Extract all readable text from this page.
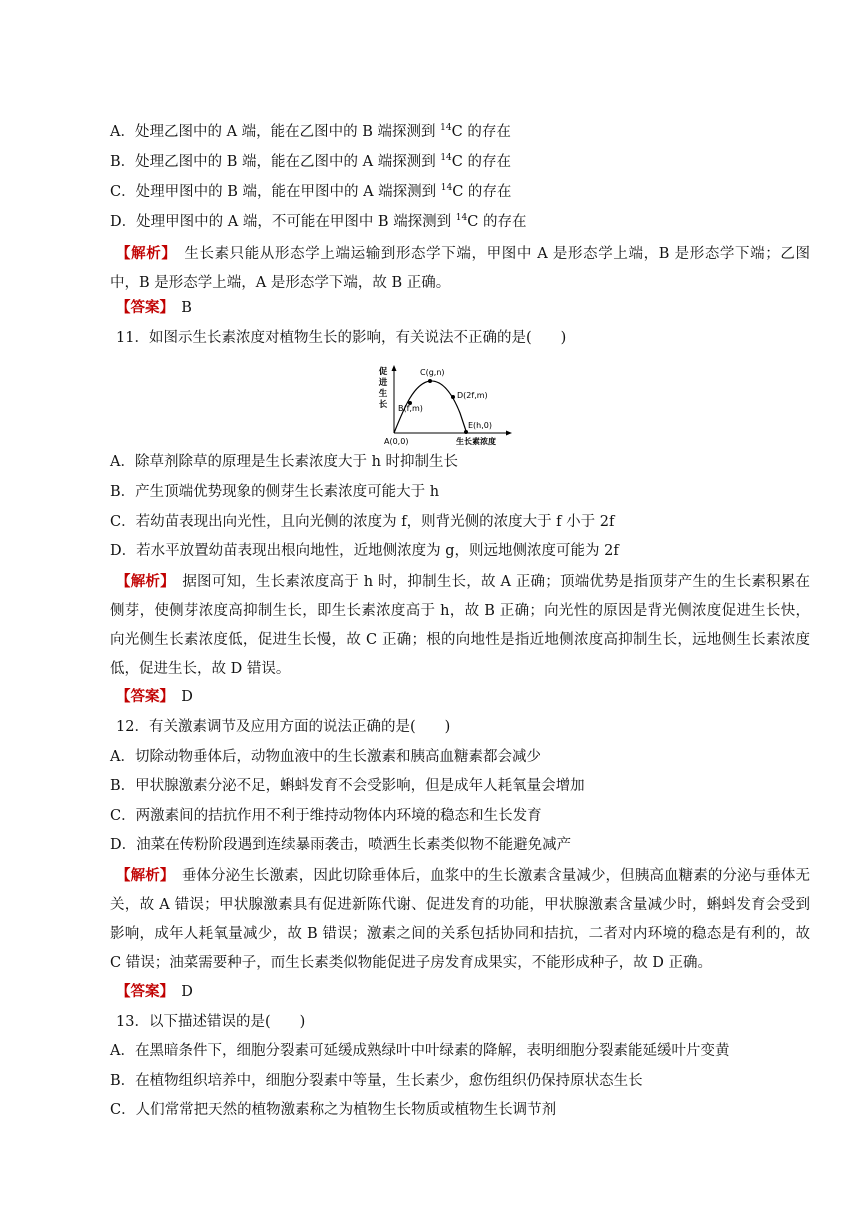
A．处理乙图中的 A 端，能在乙图中的 B 端探测到 $^{14}$C 的存在
B．处理乙图中的 B 端，能在乙图中的 A 端探测到 $^{14}$C 的存在
C．处理甲图中的 B 端，能在甲图中的 A 端探测到 $^{14}$C 的存在
D．处理甲图中的 A 端，不可能在甲图中 B 端探测到 $^{14}$C 的存在
【解析】　生长素只能从形态学上端运输到形态学下端，甲图中 A 是形态学上端，B 是形态学下端；乙图中，B 是形态学上端，A 是形态学下端，故 B 正确。
【答案】　 B
11．如图示生长素浓度对植物生长的影响，有关说法不正确的是(　　)
促
进
生
长 B(f,m)
C(g,n)
D(2f,m)
E(h,0)
A(0,0)	生长素浓度
A．除草剂除草的原理是生长素浓度大于 h 时抑制生长
B．产生顶端优势现象的侧芽生长素浓度可能大于 h
C．若幼苗表现出向光性，且向光侧的浓度为 f，则背光侧的浓度大于 f 小于 2f
D．若水平放置幼苗表现出根向地性，近地侧浓度为 g，则远地侧浓度可能为 2f
【解析】　据图可知，生长素浓度高于 h 时，抑制生长，故 A 正确；顶端优势是指顶芽产生的生长素积累在侧芽，使侧芽浓度高抑制生长，即生长素浓度高于 h，故 B 正确；向光性的原因是背光侧浓度促进生长快，向光侧生长素浓度低，促进生长慢，故 C 正确；根的向地性是指近地侧浓度高抑制生长，远地侧生长素浓度低，促进生长，故 D 错误。
【答案】　 D
12．有关激素调节及应用方面的说法正确的是(　　)
A．切除动物垂体后，动物血液中的生长激素和胰高血糖素都会减少
B．甲状腺激素分泌不足，蝌蚪发育不会受影响，但是成年人耗氧量会增加
C．两激素间的拮抗作用不利于维持动物体内环境的稳态和生长发育
D．油菜在传粉阶段遇到连续暴雨袭击，喷洒生长素类似物不能避免减产
【解析】　垂体分泌生长激素，因此切除垂体后，血浆中的生长激素含量减少，但胰高血糖素的分泌与垂体无关，故 A 错误；甲状腺激素具有促进新陈代谢、促进发育的功能，甲状腺激素含量减少时，蝌蚪发育会受到影响，成年人耗氧量减少，故 B 错误；激素之间的关系包括协同和拮抗，二者对内环境的稳态是有利的，故 C 错误；油菜需要种子，而生长素类似物能促进子房发育成果实，不能形成种子，故 D 正确。
【答案】　 D
13．以下描述错误的是(　　)
A．在黑暗条件下，细胞分裂素可延缓成熟绿叶中叶绿素的降解，表明细胞分裂素能延缓叶片变黄
B．在植物组织培养中，细胞分裂素中等量，生长素少，愈伤组织仍保持原状态生长
C．人们常常把天然的植物激素称之为植物生长物质或植物生长调节剂
